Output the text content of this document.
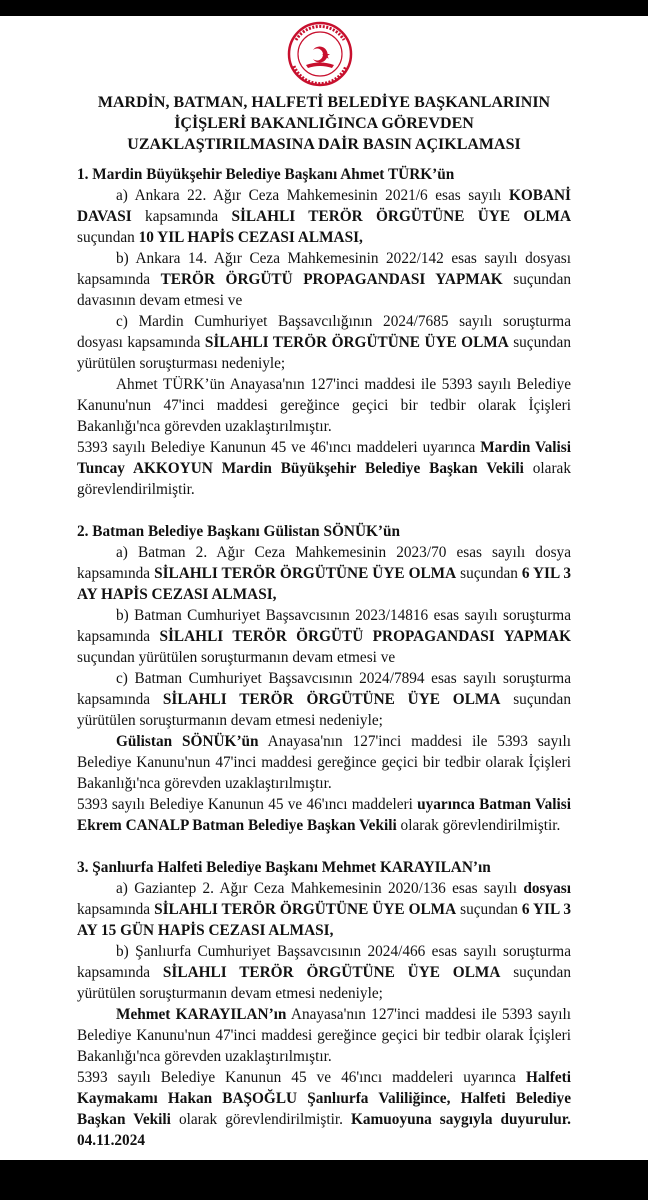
MARDİN, BATMAN, HALFETİ BELEDİYE BAŞKANLARININ
İÇİŞLERİ BAKANLIĞINCA GÖREVDEN
UZAKLAŞTIRILMASINA DAİR BASIN AÇIKLAMASI

1. Mardin Büyükşehir Belediye Başkanı Ahmet TÜRK’ün

a) Ankara 22. Ağır Ceza Mahkemesinin 2021/6 esas sayılı KOBANİ DAVASI kapsamında SİLAHLI TERÖR ÖRGÜTÜNE ÜYE OLMA suçundan 10 YIL HAPİS CEZASI ALMASI,

b) Ankara 14. Ağır Ceza Mahkemesinin 2022/142 esas sayılı dosyası kapsamında TERÖR ÖRGÜTÜ PROPAGANDASI YAPMAK suçundan davasının devam etmesi ve

c) Mardin Cumhuriyet Başsavcılığının 2024/7685 sayılı soruşturma dosyası kapsamında SİLAHLI TERÖR ÖRGÜTÜNE ÜYE OLMA suçundan yürütülen soruşturması nedeniyle;

Ahmet TÜRK’ün Anayasa'nın 127'inci maddesi ile 5393 sayılı Belediye Kanunu'nun 47'inci maddesi gereğince geçici bir tedbir olarak İçişleri Bakanlığı'nca görevden uzaklaştırılmıştır.

5393 sayılı Belediye Kanunun 45 ve 46'ıncı maddeleri uyarınca Mardin Valisi Tuncay AKKOYUN Mardin Büyükşehir Belediye Başkan Vekili olarak görevlendirilmiştir.

2. Batman Belediye Başkanı Gülistan SÖNÜK’ün

a) Batman 2. Ağır Ceza Mahkemesinin 2023/70 esas sayılı dosya kapsamında SİLAHLI TERÖR ÖRGÜTÜNE ÜYE OLMA suçundan 6 YIL 3 AY HAPİS CEZASI ALMASI,

b) Batman Cumhuriyet Başsavcısının 2023/14816 esas sayılı soruşturma kapsamında SİLAHLI TERÖR ÖRGÜTÜ PROPAGANDASI YAPMAK suçundan yürütülen soruşturmanın devam etmesi ve

c) Batman Cumhuriyet Başsavcısının 2024/7894 esas sayılı soruşturma kapsamında SİLAHLI TERÖR ÖRGÜTÜNE ÜYE OLMA suçundan yürütülen soruşturmanın devam etmesi nedeniyle;

Gülistan SÖNÜK’ün Anayasa'nın 127'inci maddesi ile 5393 sayılı Belediye Kanunu'nun 47'inci maddesi gereğince geçici bir tedbir olarak İçişleri Bakanlığı'nca görevden uzaklaştırılmıştır.

5393 sayılı Belediye Kanunun 45 ve 46'ıncı maddeleri uyarınca Batman Valisi Ekrem CANALP Batman Belediye Başkan Vekili olarak görevlendirilmiştir.

3. Şanlıurfa Halfeti Belediye Başkanı Mehmet KARAYILAN’ın

a) Gaziantep 2. Ağır Ceza Mahkemesinin 2020/136 esas sayılı dosyası kapsamında SİLAHLI TERÖR ÖRGÜTÜNE ÜYE OLMA suçundan 6 YIL 3 AY 15 GÜN HAPİS CEZASI ALMASI,

b) Şanlıurfa Cumhuriyet Başsavcısının 2024/466 esas sayılı soruşturma kapsamında SİLAHLI TERÖR ÖRGÜTÜNE ÜYE OLMA suçundan yürütülen soruşturmanın devam etmesi nedeniyle;

Mehmet KARAYILAN’ın Anayasa'nın 127'inci maddesi ile 5393 sayılı Belediye Kanunu'nun 47'inci maddesi gereğince geçici bir tedbir olarak İçişleri Bakanlığı'nca görevden uzaklaştırılmıştır.

5393 sayılı Belediye Kanunun 45 ve 46'ıncı maddeleri uyarınca Halfeti Kaymakamı Hakan BAŞOĞLU Şanlıurfa Valiliğince, Halfeti Belediye Başkan Vekili olarak görevlendirilmiştir. Kamuoyuna saygıyla duyurulur. 04.11.2024
